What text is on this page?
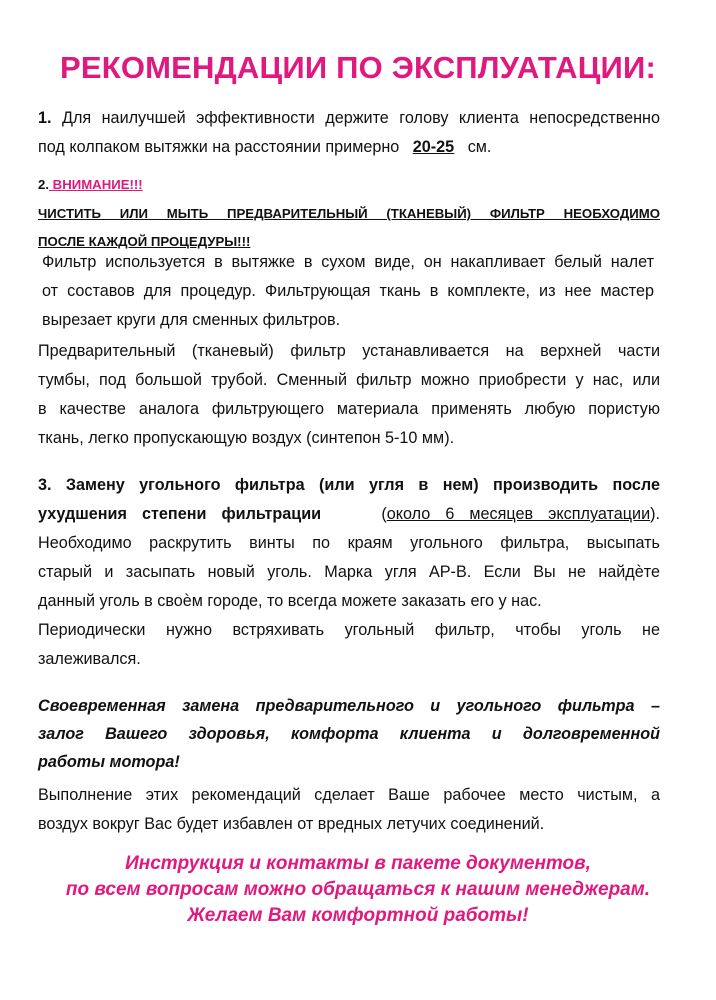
РЕКОМЕНДАЦИИ ПО ЭКСПЛУАТАЦИИ:
1. Для наилучшей эффективности держите голову клиента непосредственно
под колпаком вытяжки на расстоянии примерно 20-25 см.
2. ВНИМАНИЕ!!!
ЧИСТИТЬ ИЛИ МЫТЬ ПРЕДВАРИТЕЛЬНЫЙ (ТКАНЕВЫЙ) ФИЛЬТР НЕОБХОДИМО
ПОСЛЕ КАЖДОЙ ПРОЦЕДУРЫ!!!
Фильтр используется в вытяжке в сухом виде, он накапливает белый налет
от составов для процедур. Фильтрующая ткань в комплекте, из нее мастер
вырезает круги для сменных фильтров.
Предварительный (тканевый) фильтр устанавливается на верхней части
тумбы, под большой трубой. Сменный фильтр можно приобрести у нас, или
в качестве аналога фильтрующего материала применять любую пористую
ткань, легко пропускающую воздух (синтепон 5-10 мм).
3. Замену угольного фильтра (или угля в нем) производить после
ухудшения степени фильтрации	(около 6 месяцев эксплуатации).
Необходимо раскрутить винты по краям угольного фильтра, высыпать
старый и засыпать новый уголь. Марка угля АР-В. Если Вы не найдѐте
данный уголь в своѐм городе, то всегда можете заказать его у нас.
Периодически нужно встряхивать угольный фильтр, чтобы уголь не
залеживался.
Своевременная замена предварительного и угольного фильтра –
залог Вашего здоровья, комфорта клиента и долговременной
работы мотора!
Выполнение этих рекомендаций сделает Ваше рабочее место чистым, а
воздух вокруг Вас будет избавлен от вредных летучих соединений.
Инструкция и контакты в пакете документов,
по всем вопросам можно обращаться к нашим менеджерам.
Желаем Вам комфортной работы!
